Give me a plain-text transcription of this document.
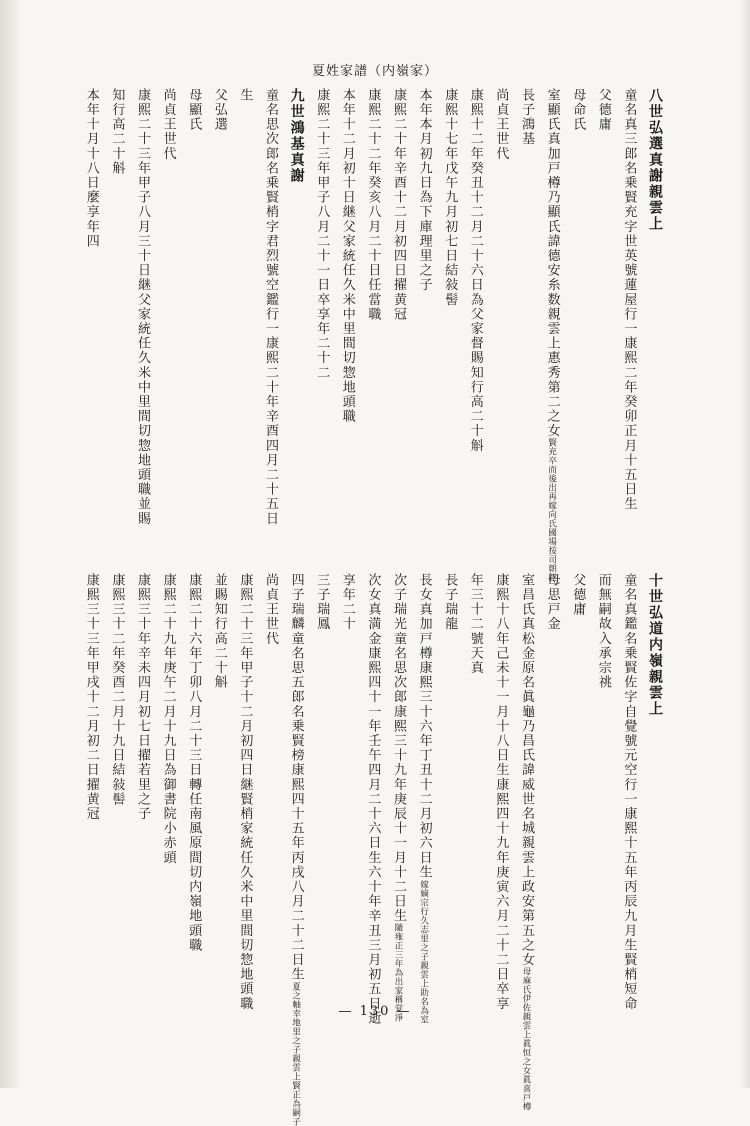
夏姓家譜（内嶺家）
八世弘選真謝親雲上
童名真三郎名乗賢充字世英號蓮屋行一康熙二年癸卯正月十五日生
父德庸
母命氏
室顯氏真加戸樽乃顯氏諱德安糸数親雲上惠秀第二之女賢充卒而後出再嫁向氏國場按司朝睦
長子鴻基
尚貞王世代
康熙十二年癸丑十二月二十六日為父家督賜知行高二十斛
康熙十七年戊午九月初七日結敍髻
本年本月初九日為下庫理里之子
康熙二十年辛酉十二月初四日擢黄冠
康熙二十二年癸亥八月二十日任當職
本年十二月初十日継父家統任久米中里間切惣地頭職
康熙二十三年甲子八月二十一日卒享年二十二
九世鴻基真謝
童名思次郎名乗賢梢字君烈號空鑑行一康熙二十年辛酉四月二十五日
生
父弘選
母顯氏
尚貞王世代
康熙二十三年甲子八月三十日継父家統任久米中里間切惣地頭職並賜
知行高二十斛
本年十月十八日麼享年四
十世弘道内嶺親雲上
童名真鑑名乗賢佐字自覺號元空行一康熙十五年丙辰九月生賢梢短命
而無嗣故入承宗祧
父德庸
母思戸金
室昌氏真松金原名眞龜乃昌氏諱威世名城親雲上政安第五之女母麻氏伊佐親雲上眞恒之女眞喜戸樽
康熙十八年己未十一月十八日生康熙四十九年庚寅六月二十二日卒享
年三十二號天真
長子瑞龍
長女真加戸樽康熙三十六年丁丑十二月初六日生嫁嫡宗行久志里之子親雲上助名為室
次子瑞光童名思次郎康熙三十九年庚辰十一月十二日生隨雍正三年為出家稱覚淨
次女真満金康熙四十一年壬午四月二十六日生六十年辛丑三月初五日逝
享年二十
三子瑞鳳
四子瑞麟童名思五郎名乗賢榜康熙四十五年丙戌八月二十二日生夏之軸幸地里之子親雲上賢正為嗣子
尚貞王世代
康熙二十三年甲子十二月初四日継賢梢家統任久米中里間切惣地頭職
並賜知行高二十斛
康熙二十六年丁卯八月二十三日轉任南風原間切内嶺地頭職
康熙二十九年庚午二月十九日為御書院小赤頭
康熙三十年辛未四月初七日擢若里之子
康熙三十二年癸酉二月十九日結敍髻
康熙三十三年甲戌十二月初二日擢黄冠
— 130 —
